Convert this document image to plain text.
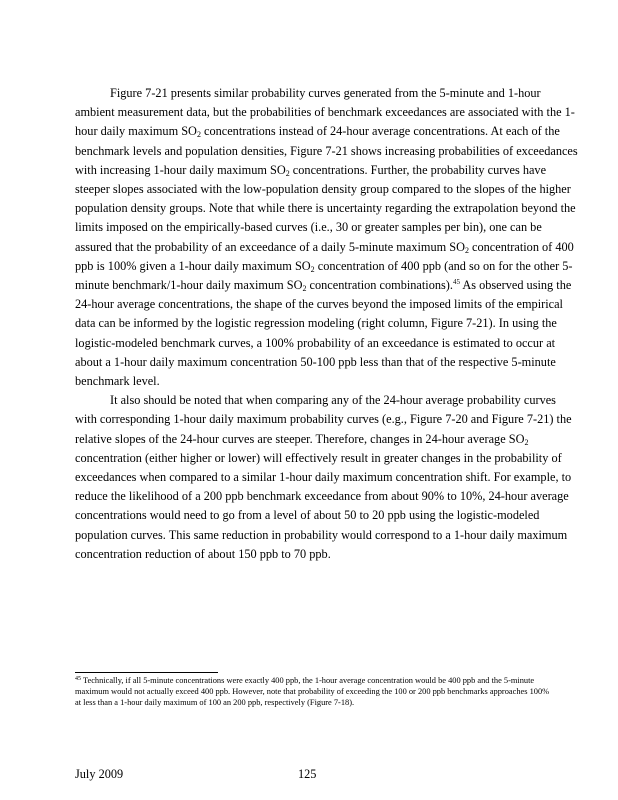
Figure 7-21 presents similar probability curves generated from the 5-minute and 1-hour ambient measurement data, but the probabilities of benchmark exceedances are associated with the 1-hour daily maximum $SO_2$ concentrations instead of 24-hour average concentrations. At each of the benchmark levels and population densities, Figure 7-21 shows increasing probabilities of exceedances with increasing 1-hour daily maximum $SO_2$ concentrations. Further, the probability curves have steeper slopes associated with the low-population density group compared to the slopes of the higher population density groups. Note that while there is uncertainty regarding the extrapolation beyond the limits imposed on the empirically-based curves (i.e., 30 or greater samples per bin), one can be assured that the probability of an exceedance of a daily 5-minute maximum $SO_2$ concentration of 400 ppb is 100% given a 1-hour daily maximum $SO_2$ concentration of 400 ppb (and so on for the other 5-minute benchmark/1-hour daily maximum $SO_2$ concentration combinations).$^{45}$ As observed using the 24-hour average concentrations, the shape of the curves beyond the imposed limits of the empirical data can be informed by the logistic regression modeling (right column, Figure 7-21). In using the logistic-modeled benchmark curves, a 100% probability of an exceedance is estimated to occur at about a 1-hour daily maximum concentration 50-100 ppb less than that of the respective 5-minute benchmark level.

It also should be noted that when comparing any of the 24-hour average probability curves with corresponding 1-hour daily maximum probability curves (e.g., Figure 7-20 and Figure 7-21) the relative slopes of the 24-hour curves are steeper. Therefore, changes in 24-hour average $SO_2$ concentration (either higher or lower) will effectively result in greater changes in the probability of exceedances when compared to a similar 1-hour daily maximum concentration shift. For example, to reduce the likelihood of a 200 ppb benchmark exceedance from about 90% to 10%, 24-hour average concentrations would need to go from a level of about 50 to 20 ppb using the logistic-modeled population curves. This same reduction in probability would correspond to a 1-hour daily maximum concentration reduction of about 150 ppb to 70 ppb.

$^{45}$ Technically, if all 5-minute concentrations were exactly 400 ppb, the 1-hour average concentration would be 400 ppb and the 5-minute maximum would not actually exceed 400 ppb. However, note that probability of exceeding the 100 or 200 ppb benchmarks approaches 100% at less than a 1-hour daily maximum of 100 an 200 ppb, respectively (Figure 7-18).
July 2009	125
